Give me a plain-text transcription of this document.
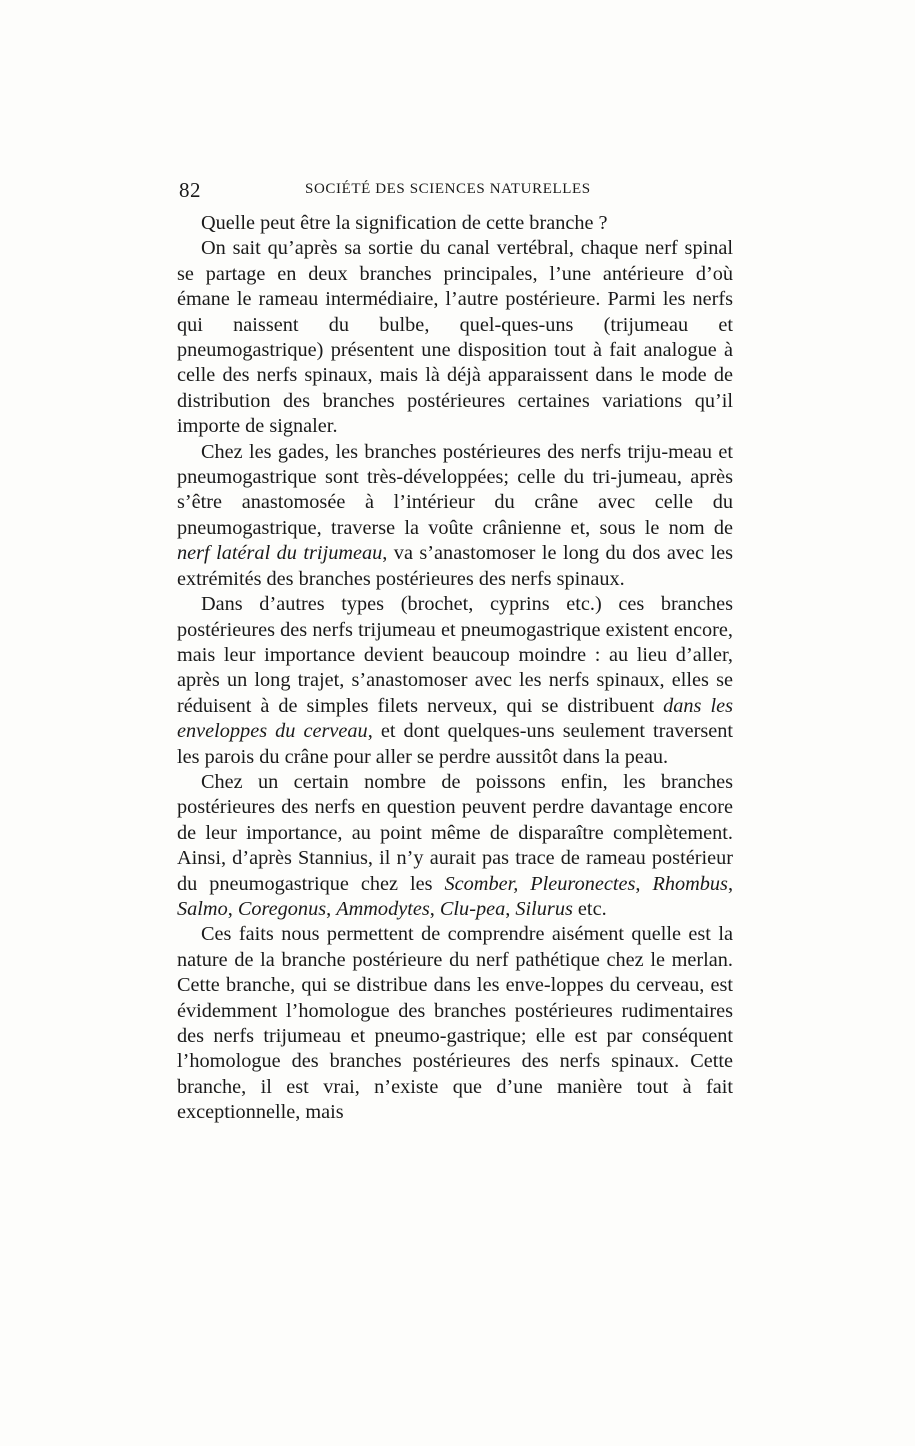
82	SOCIÉTÉ DES SCIENCES NATURELLES

Quelle peut être la signification de cette branche ?

On sait qu’après sa sortie du canal vertébral, chaque nerf spinal se partage en deux branches principales, l’une antérieure d’où émane le rameau intermédiaire, l’autre postérieure. Parmi les nerfs qui naissent du bulbe, quel-ques-uns (trijumeau et pneumogastrique) présentent une disposition tout à fait analogue à celle des nerfs spinaux, mais là déjà apparaissent dans le mode de distribution des branches postérieures certaines variations qu’il importe de signaler.

Chez les gades, les branches postérieures des nerfs triju-meau et pneumogastrique sont très-développées; celle du tri-jumeau, après s’être anastomosée à l’intérieur du crâne avec celle du pneumogastrique, traverse la voûte crânienne et, sous le nom de nerf latéral du trijumeau, va s’anastomoser le long du dos avec les extrémités des branches postérieures des nerfs spinaux.

Dans d’autres types (brochet, cyprins etc.) ces branches postérieures des nerfs trijumeau et pneumogastrique existent encore, mais leur importance devient beaucoup moindre : au lieu d’aller, après un long trajet, s’anastomoser avec les nerfs spinaux, elles se réduisent à de simples filets nerveux, qui se distribuent dans les enveloppes du cerveau, et dont quelques-uns seulement traversent les parois du crâne pour aller se perdre aussitôt dans la peau.

Chez un certain nombre de poissons enfin, les branches postérieures des nerfs en question peuvent perdre davantage encore de leur importance, au point même de disparaître complètement. Ainsi, d’après Stannius, il n’y aurait pas trace de rameau postérieur du pneumogastrique chez les Scomber, Pleuronectes, Rhombus, Salmo, Coregonus, Ammodytes, Clu-pea, Silurus etc.

Ces faits nous permettent de comprendre aisément quelle est la nature de la branche postérieure du nerf pathétique chez le merlan. Cette branche, qui se distribue dans les enve-loppes du cerveau, est évidemment l’homologue des branches postérieures rudimentaires des nerfs trijumeau et pneumo-gastrique; elle est par conséquent l’homologue des branches postérieures des nerfs spinaux. Cette branche, il est vrai, n’existe que d’une manière tout à fait exceptionnelle, mais
